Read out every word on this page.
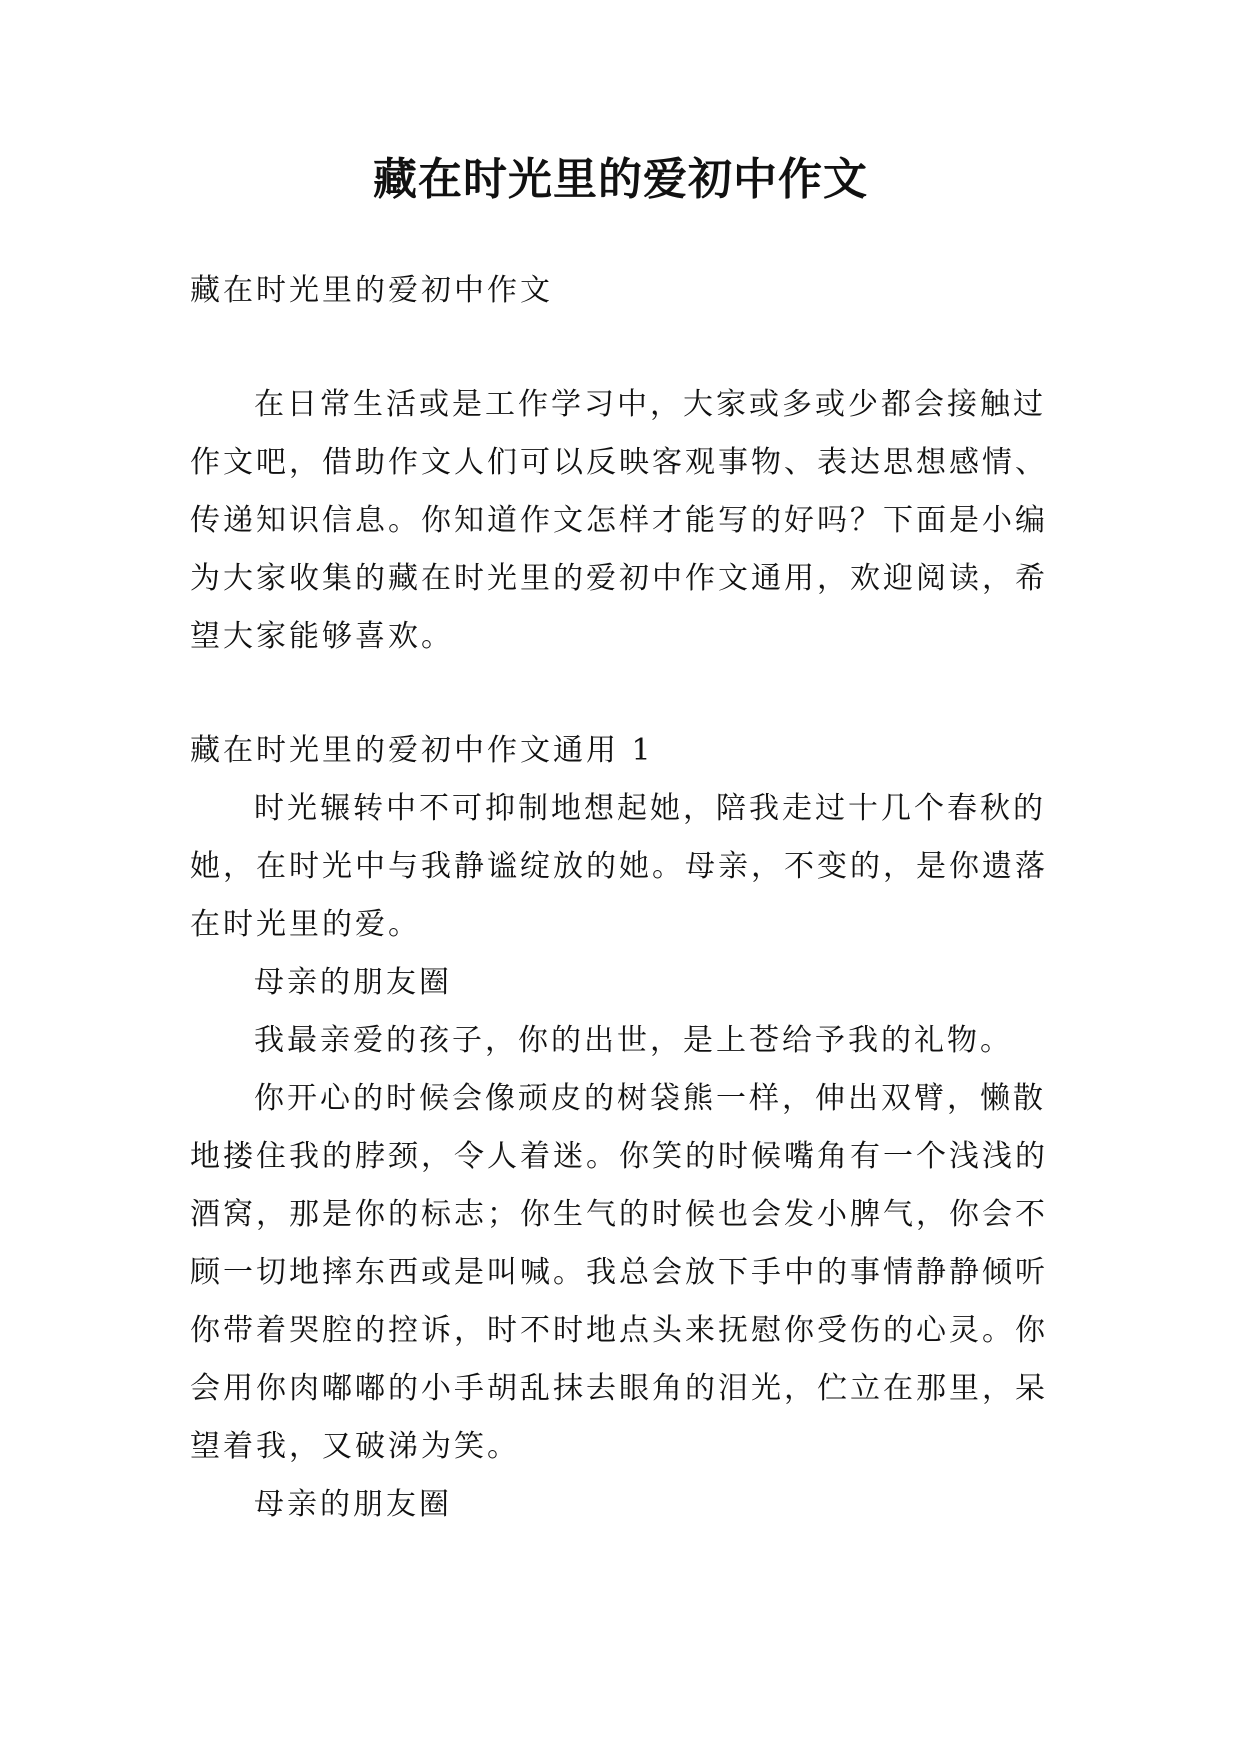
藏在时光里的爱初中作文

藏在时光里的爱初中作文

在日常生活或是工作学习中，大家或多或少都会接触过作文吧，借助作文人们可以反映客观事物、表达思想感情、传递知识信息。你知道作文怎样才能写的好吗？下面是小编为大家收集的藏在时光里的爱初中作文通用，欢迎阅读，希望大家能够喜欢。

藏在时光里的爱初中作文通用 1

时光辗转中不可抑制地想起她，陪我走过十几个春秋的她，在时光中与我静谧绽放的她。母亲，不变的，是你遗落在时光里的爱。

母亲的朋友圈

我最亲爱的孩子，你的出世，是上苍给予我的礼物。

你开心的时候会像顽皮的树袋熊一样，伸出双臂，懒散地搂住我的脖颈，令人着迷。你笑的时候嘴角有一个浅浅的酒窝，那是你的标志；你生气的时候也会发小脾气，你会不顾一切地摔东西或是叫喊。我总会放下手中的事情静静倾听你带着哭腔的控诉，时不时地点头来抚慰你受伤的心灵。你会用你肉嘟嘟的小手胡乱抹去眼角的泪光，伫立在那里，呆望着我，又破涕为笑。

母亲的朋友圈
